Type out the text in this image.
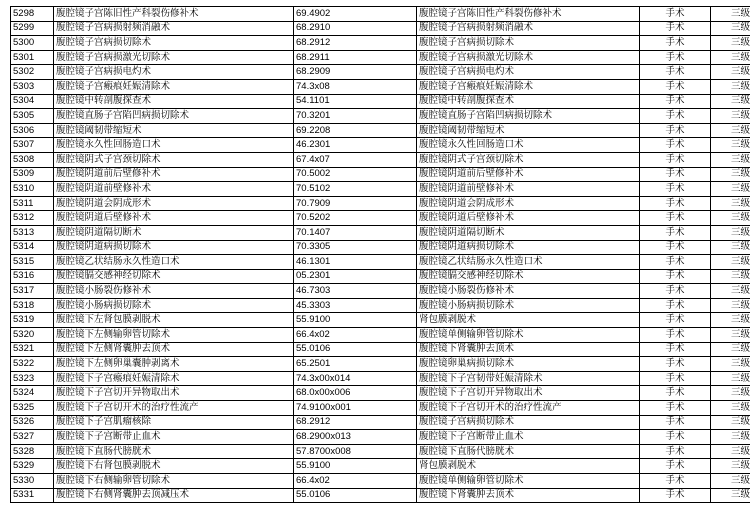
5298	腹腔镜子宫陈旧性产科裂伤修补术	69.4902	腹腔镜子宫陈旧性产科裂伤修补术	手术	三级
5299	腹腔镜子宫病损射频消融术	68.2910	腹腔镜子宫病损射频消融术	手术	三级
5300	腹腔镜子宫病损切除术	68.2912	腹腔镜子宫病损切除术	手术	三级
5301	腹腔镜子宫病损激光切除术	68.2911	腹腔镜子宫病损激光切除术	手术	三级
5302	腹腔镜子宫病损电灼术	68.2909	腹腔镜子宫病损电灼术	手术	三级
5303	腹腔镜子宫瘢痕妊娠清除术	74.3x08	腹腔镜子宫瘢痕妊娠清除术	手术	三级
5304	腹腔镜中转剖腹探查术	54.1101	腹腔镜中转剖腹探查术	手术	三级
5305	腹腔镜直肠子宫陷凹病损切除术	70.3201	腹腔镜直肠子宫陷凹病损切除术	手术	三级
5306	腹腔镜阈韧带缩短术	69.2208	腹腔镜阈韧带缩短术	手术	三级
5307	腹腔镜永久性回肠造口术	46.2301	腹腔镜永久性回肠造口术	手术	三级
5308	腹腔镜阴式子宫颈切除术	67.4x07	腹腔镜阴式子宫颈切除术	手术	三级
5309	腹腔镜阴道前后壁修补术	70.5002	腹腔镜阴道前后壁修补术	手术	三级
5310	腹腔镜阴道前壁修补术	70.5102	腹腔镜阴道前壁修补术	手术	三级
5311	腹腔镜阴道会阴成形术	70.7909	腹腔镜阴道会阴成形术	手术	三级
5312	腹腔镜阴道后壁修补术	70.5202	腹腔镜阴道后壁修补术	手术	三级
5313	腹腔镜阴道隔切断术	70.1407	腹腔镜阴道隔切断术	手术	三级
5314	腹腔镜阴道病损切除术	70.3305	腹腔镜阴道病损切除术	手术	三级
5315	腹腔镜乙状结肠永久性造口术	46.1301	腹腔镜乙状结肠永久性造口术	手术	三级
5316	腹腔镜膈交感神经切除术	05.2301	腹腔镜膈交感神经切除术	手术	三级
5317	腹腔镜小肠裂伤修补术	46.7303	腹腔镜小肠裂伤修补术	手术	三级
5318	腹腔镜小肠病损切除术	45.3303	腹腔镜小肠病损切除术	手术	三级
5319	腹腔镜下左肾包膜剥脱术	55.9100	肾包膜剥脱术	手术	三级
5320	腹腔镜下左侧输卵管切除术	66.4x02	腹腔镜单侧输卵管切除术	手术	三级
5321	腹腔镜下左侧肾囊肿去顶术	55.0106	腹腔镜下肾囊肿去顶术	手术	三级
5322	腹腔镜下左侧卵巢囊肿剥离术	65.2501	腹腔镜卵巢病损切除术	手术	三级
5323	腹腔镜下子宫瘢痕妊娠清除术	74.3x00x014	腹腔镜下子宫韧带妊娠清除术	手术	三级
5324	腹腔镜下子宫切开异物取出术	68.0x00x006	腹腔镜下子宫切开异物取出术	手术	三级
5325	腹腔镜下子宫切开术的治疗性流产	74.9100x001	腹腔镜下子宫切开术的治疗性流产	手术	三级
5326	腹腔镜下子宫肌瘤核除	68.2912	腹腔镜子宫病损切除术	手术	三级
5327	腹腔镜下子宫断带止血术	68.2900x013	腹腔镜下子宫断带止血术	手术	三级
5328	腹腔镜下直肠代膀胱术	57.8700x008	腹腔镜下直肠代膀胱术	手术	三级
5329	腹腔镜下右肾包膜剥脱术	55.9100	肾包膜剥脱术	手术	三级
5330	腹腔镜下右侧输卵管切除术	66.4x02	腹腔镜单侧输卵管切除术	手术	三级
5331	腹腔镜下右侧肾囊肿去顶减压术	55.0106	腹腔镜下肾囊肿去顶术	手术	三级
